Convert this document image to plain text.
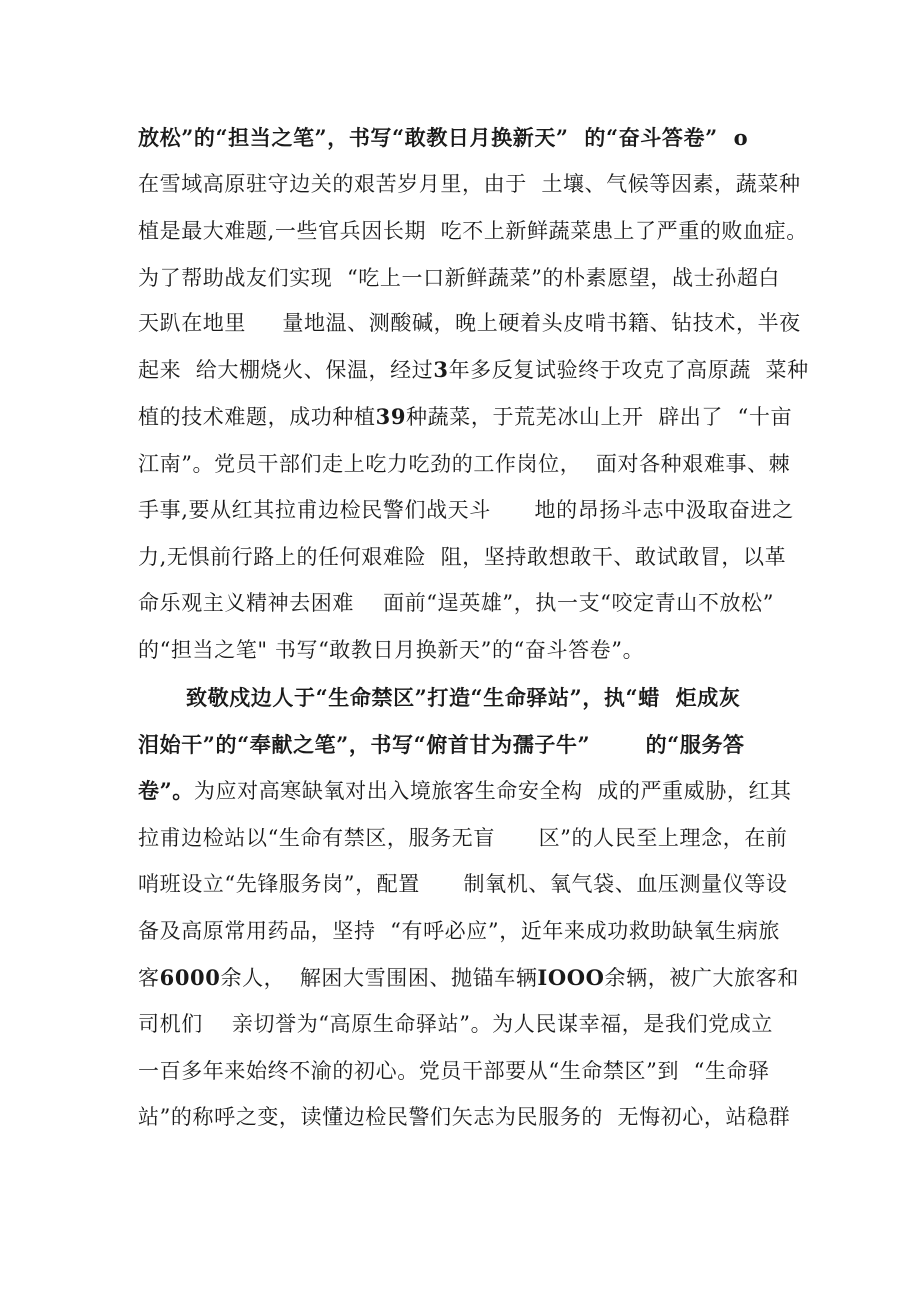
放松”的“担当之笔”，书写“敢教日月换新天”  的“奋斗答卷”  o
在雪域高原驻守边关的艰苦岁月里，由于  土壤、气候等因素，蔬菜种
植是最大难题,一些官兵因长期  吃不上新鲜蔬菜患上了严重的败血症。
为了帮助战友们实现  “吃上一口新鲜蔬菜”的朴素愿望，战士孙超白
天趴在地里     量地温、测酸碱，晚上硬着头皮啃书籍、钻技术，半夜
起来  给大棚烧火、保温，经过3年多反复试验终于攻克了高原蔬  菜种
植的技术难题，成功种植39种蔬菜，于荒芜冰山上开  辟出了  “十亩
江南”。党员干部们走上吃力吃劲的工作岗位，  面对各种艰难事、棘
手事,要从红其拉甫边检民警们战天斗      地的昂扬斗志中汲取奋进之
力,无惧前行路上的任何艰难险  阻，坚持敢想敢干、敢试敢冒，以革
命乐观主义精神去困难    面前“逞英雄”，执一支“咬定青山不放松”
的“担当之笔" 书写“敢教日月换新天”的“奋斗答卷”。
致敬戍边人于“生命禁区”打造“生命驿站”，执“蜡  炬成灰
泪始干”的“奉献之笔”，书写“俯首甘为孺子牛”       的“服务答
卷”。为应对高寒缺氧对出入境旅客生命安全构  成的严重威胁，红其
拉甫边检站以“生命有禁区，服务无盲      区”的人民至上理念，在前
哨班设立“先锋服务岗”，配置      制氧机、氧气袋、血压测量仪等设
备及高原常用药品，坚持  “有呼必应”，近年来成功救助缺氧生病旅
客6000余人，  解困大雪围困、抛锚车辆IOOO余辆，被广大旅客和
司机们    亲切誉为“高原生命驿站”。为人民谋幸福，是我们党成立
一百多年来始终不渝的初心。党员干部要从“生命禁区”到  “生命驿
站”的称呼之变，读懂边检民警们矢志为民服务的  无悔初心，站稳群
